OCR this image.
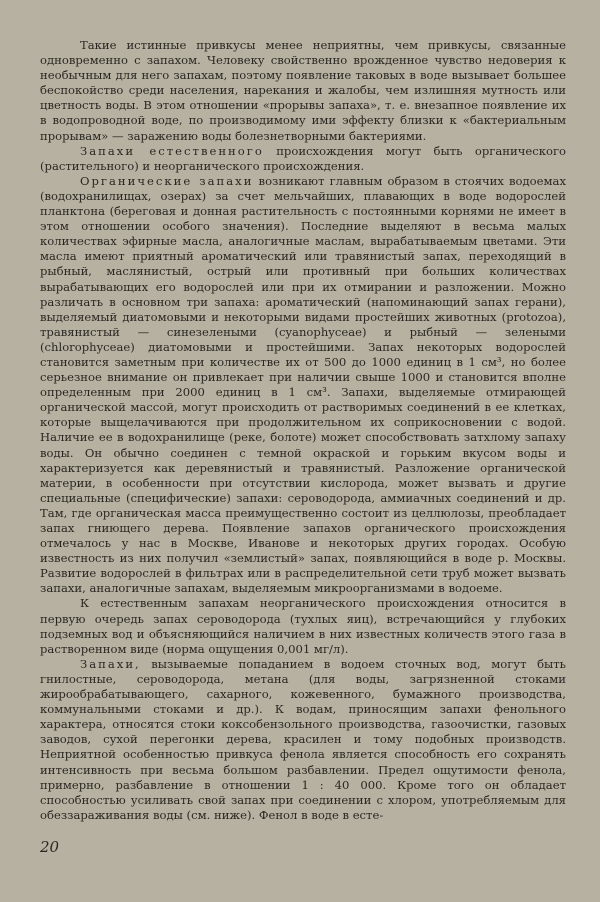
Такие истинные привкусы менее неприятны, чем привкусы, связанные одновременно с запахом. Человеку свойственно врожденное чувство недоверия к необычным для него запахам, поэтому появление таковых в воде вызывает большее беспокойство среди населения, нарекания и жалобы, чем излишняя мутность или цветность воды. В этом отношении «прорывы запаха», т. е. внезапное появление их в водопроводной воде, по производимому ими эффекту близки к «бактериальным прорывам» — заражению воды болезнетворными бактериями.

Запахи естественного происхождения могут быть органического (растительного) и неорганического происхождения.

Органические запахи возникают главным образом в стоячих водоемах (водохранилищах, озерах) за счет мельчайших, плавающих в воде водорослей планктона (береговая и донная растительность с постоянными корнями не имеет в этом отношении особого значения). Последние выделяют в весьма малых количествах эфирные масла, аналогичные маслам, вырабатываемым цветами. Эти масла имеют приятный ароматический или травянистый запах, переходящий в рыбный, маслянистый, острый или противный при больших количествах вырабатывающих его водорослей или при их отмирании и разложении. Можно различать в основном три запаха: ароматический (напоминающий запах герани), выделяемый диатомовыми и некоторыми видами простейших животных (protozoa), травянистый — синезелеными (cyanophyceae) и рыбный — зелеными (chlorophyceae) диатомовыми и простейшими. Запах некоторых водорослей становится заметным при количестве их от 500 до 1000 единиц в 1 см³, но более серьезное внимание он привлекает при наличии свыше 1000 и становится вполне определенным при 2000 единиц в 1 см³. Запахи, выделяемые отмирающей органической массой, могут происходить от растворимых соединений в ее клетках, которые выщелачиваются при продолжительном их соприкосновении с водой. Наличие ее в водохранилище (реке, болоте) может способствовать затхлому запаху воды. Он обычно соединен с темной окраской и горьким вкусом воды и характеризуется как деревянистый и травянистый. Разложение органической материи, в особенности при отсутствии кислорода, может вызвать и другие специальные (специфические) запахи: сероводорода, аммиачных соединений и др. Там, где органическая масса преимущественно состоит из целлюлозы, преобладает запах гниющего дерева. Появление запахов органического происхождения отмечалось у нас в Москве, Иванове и некоторых других городах. Особую известность из них получил «землистый» запах, появляющийся в воде р. Москвы. Развитие водорослей в фильтрах или в распределительной сети труб может вызвать запахи, аналогичные запахам, выделяемым микроорганизмами в водоеме.

К естественным запахам неорганического происхождения относится в первую очередь запах сероводорода (тухлых яиц), встречающийся у глубоких подземных вод и объясняющийся наличием в них известных количеств этого газа в растворенном виде (норма ощущения 0,001 мг/л).

Запахи, вызываемые попаданием в водоем сточных вод, могут быть гнилостные, сероводорода, метана (для воды, загрязненной стоками жирообрабатывающего, сахарного, кожевенного, бумажного производства, коммунальными стоками и др.). К водам, приносящим запахи фенольного характера, относятся стоки коксобензольного производства, газоочистки, газовых заводов, сухой перегонки дерева, красилен и тому подобных производств. Неприятной особенностью привкуса фенола является способность его сохранять интенсивность при весьма большом разбавлении. Предел ощутимости фенола, примерно, разбавление в отношении 1 : 40 000. Кроме того он обладает способностью усиливать свой запах при соединении с хлором, употребляемым для обеззараживания воды (см. ниже). Фенол в воде в есте-

20
